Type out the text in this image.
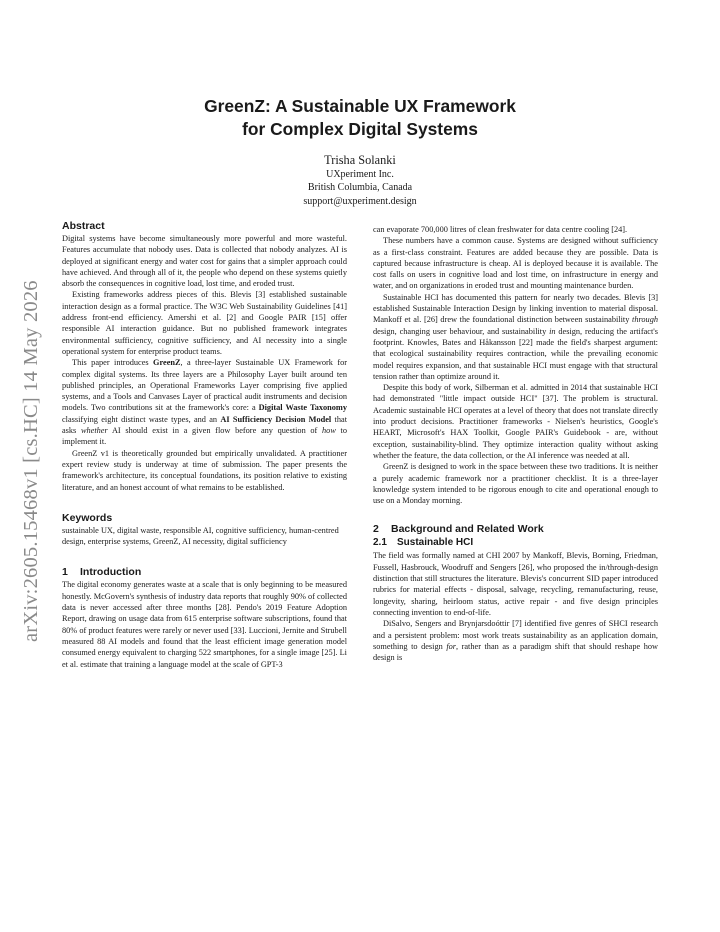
arXiv:2605.15468v1 [cs.HC] 14 May 2026
GreenZ: A Sustainable UX Framework
for Complex Digital Systems
Trisha Solanki
UXperiment Inc.
British Columbia, Canada
support@uxperiment.design
Abstract

Digital systems have become simultaneously more powerful and more wasteful. Features accumulate that nobody uses. Data is collected that nobody analyzes. AI is deployed at significant energy and water cost for gains that a simpler approach could have achieved. And through all of it, the people who depend on these systems quietly absorb the consequences in cognitive load, lost time, and eroded trust.

Existing frameworks address pieces of this. Blevis [3] established sustainable interaction design as a formal practice. The W3C Web Sustainability Guidelines [41] address front-end efficiency. Amershi et al. [2] and Google PAIR [15] offer responsible AI interaction guidance. But no published framework integrates environmental sufficiency, cognitive sufficiency, and AI necessity into a single operational system for enterprise product teams.

This paper introduces GreenZ, a three-layer Sustainable UX Framework for complex digital systems. Its three layers are a Philosophy Layer built around ten published principles, an Operational Frameworks Layer comprising five applied systems, and a Tools and Canvases Layer of practical audit instruments and decision models. Two contributions sit at the framework's core: a Digital Waste Taxonomy classifying eight distinct waste types, and an AI Sufficiency Decision Model that asks whether AI should exist in a given flow before any question of how to implement it.

GreenZ v1 is theoretically grounded but empirically unvalidated. A practitioner expert review study is underway at time of submission. The paper presents the framework's architecture, its conceptual foundations, its position relative to existing literature, and an honest account of what remains to be established.

Keywords

sustainable UX, digital waste, responsible AI, cognitive sufficiency, human-centred design, enterprise systems, GreenZ, AI necessity, digital sufficiency

1 Introduction

The digital economy generates waste at a scale that is only beginning to be measured honestly. McGovern's synthesis of industry data reports that roughly 90% of collected data is never accessed after three months [28]. Pendo's 2019 Feature Adoption Report, drawing on usage data from 615 enterprise software subscriptions, found that 80% of product features were rarely or never used [33]. Luccioni, Jernite and Strubell measured 88 AI models and found that the least efficient image generation model consumed energy equivalent to charging 522 smartphones, for a single image [25]. Li et al. estimate that training a language model at the scale of GPT-3

can evaporate 700,000 litres of clean freshwater for data centre cooling [24].

These numbers have a common cause. Systems are designed without sufficiency as a first-class constraint. Features are added because they are possible. Data is captured because infrastructure is cheap. AI is deployed because it is available. The cost falls on users in cognitive load and lost time, on infrastructure in energy and water, and on organizations in eroded trust and mounting maintenance burden.

Sustainable HCI has documented this pattern for nearly two decades. Blevis [3] established Sustainable Interaction Design by linking invention to material disposal. Mankoff et al. [26] drew the foundational distinction between sustainability through design, changing user behaviour, and sustainability in design, reducing the artifact's footprint. Knowles, Bates and Håkansson [22] made the field's sharpest argument: that ecological sustainability requires contraction, while the prevailing economic model requires expansion, and that sustainable HCI must engage with that structural tension rather than optimize around it.

Despite this body of work, Silberman et al. admitted in 2014 that sustainable HCI had demonstrated "little impact outside HCI" [37]. The problem is structural. Academic sustainable HCI operates at a level of theory that does not translate directly into product decisions. Practitioner frameworks - Nielsen's heuristics, Google's HEART, Microsoft's HAX Toolkit, Google PAIR's Guidebook - are, without exception, sustainability-blind. They optimize interaction quality without asking whether the feature, the data collection, or the AI inference was needed at all.

GreenZ is designed to work in the space between these two traditions. It is neither a purely academic framework nor a practitioner checklist. It is a three-layer knowledge system intended to be rigorous enough to cite and operational enough to use on a Monday morning.

2 Background and Related Work
2.1 Sustainable HCI

The field was formally named at CHI 2007 by Mankoff, Blevis, Borning, Friedman, Fussell, Hasbrouck, Woodruff and Sengers [26], who proposed the in/through-design distinction that still structures the literature. Blevis's concurrent SID paper introduced rubrics for material effects - disposal, salvage, recycling, remanufacturing, reuse, longevity, sharing, heirloom status, active repair - and five design principles connecting invention to end-of-life.

DiSalvo, Sengers and Brynjarsdoóttir [7] identified five genres of SHCI research and a persistent problem: most work treats sustainability as an application domain, something to design for, rather than as a paradigm shift that should reshape how design is
